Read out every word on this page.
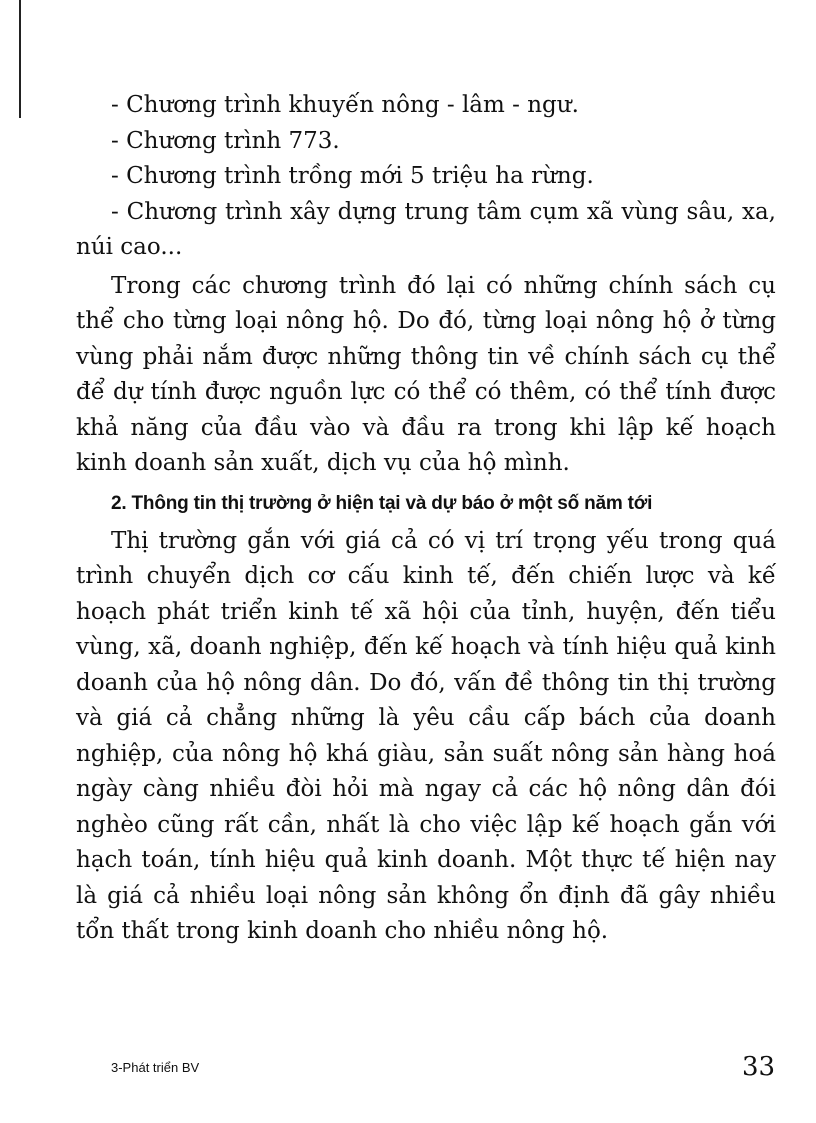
- Chương trình khuyến nông - lâm - ngư.

- Chương trình 773.

- Chương trình trồng mới 5 triệu ha rừng.

- Chương trình xây dựng trung tâm cụm xã vùng sâu, xa, núi cao...

Trong các chương trình đó lại có những chính sách cụ thể cho từng loại nông hộ. Do đó, từng loại nông hộ ở từng vùng phải nắm được những thông tin về chính sách cụ thể để dự tính được nguồn lực có thể có thêm, có thể tính được khả năng của đầu vào và đầu ra trong khi lập kế hoạch kinh doanh sản xuất, dịch vụ của hộ mình.

2. Thông tin thị trường ở hiện tại và dự báo ở một số năm tới

Thị trường gắn với giá cả có vị trí trọng yếu trong quá trình chuyển dịch cơ cấu kinh tế, đến chiến lược và kế hoạch phát triển kinh tế xã hội của tỉnh, huyện, đến tiểu vùng, xã, doanh nghiệp, đến kế hoạch và tính hiệu quả kinh doanh của hộ nông dân. Do đó, vấn đề thông tin thị trường và giá cả chẳng những là yêu cầu cấp bách của doanh nghiệp, của nông hộ khá giàu, sản suất nông sản hàng hoá ngày càng nhiều đòi hỏi mà ngay cả các hộ nông dân đói nghèo cũng rất cần, nhất là cho việc lập kế hoạch gắn với hạch toán, tính hiệu quả kinh doanh. Một thực tế hiện nay là giá cả nhiều loại nông sản không ổn định đã gây nhiều tổn thất trong kinh doanh cho nhiều nông hộ.

3-Phát triển BV	33
